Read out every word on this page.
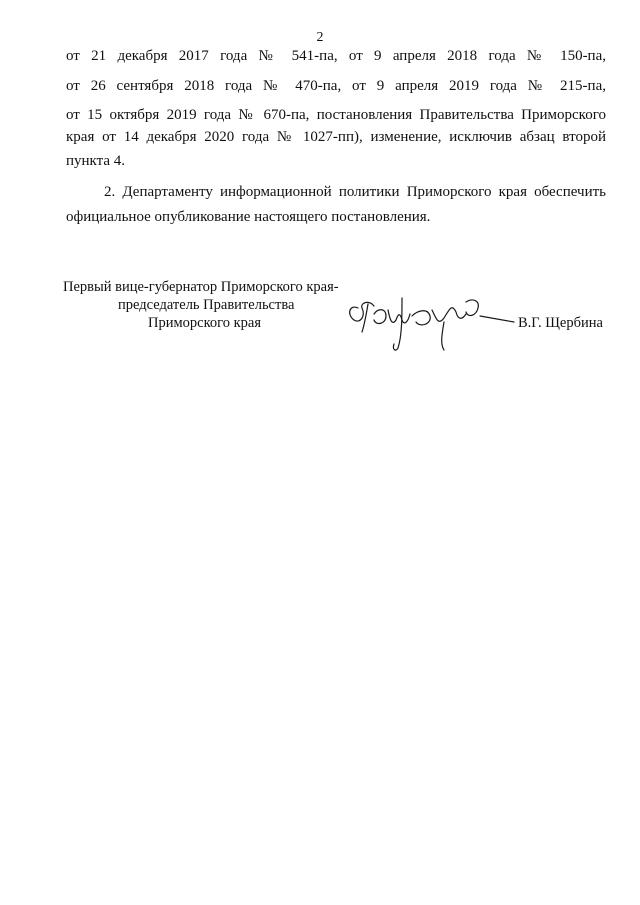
2
от 21 декабря 2017 года № 541-па, от 9 апреля 2018 года № 150-па,
от 26 сентября 2018 года № 470-па, от 9 апреля 2019 года № 215-па,
от 15 октября 2019 года № 670-па, постановления Правительства Приморского
края от 14 декабря 2020 года № 1027-пп), изменение, исключив абзац второй
пункта 4.
2. Департаменту информационной политики Приморского края обеспечить
официальное опубликование настоящего постановления.
Первый вице-губернатор Приморского края-
председатель Правительства
Приморского края	В.Г. Щербина
